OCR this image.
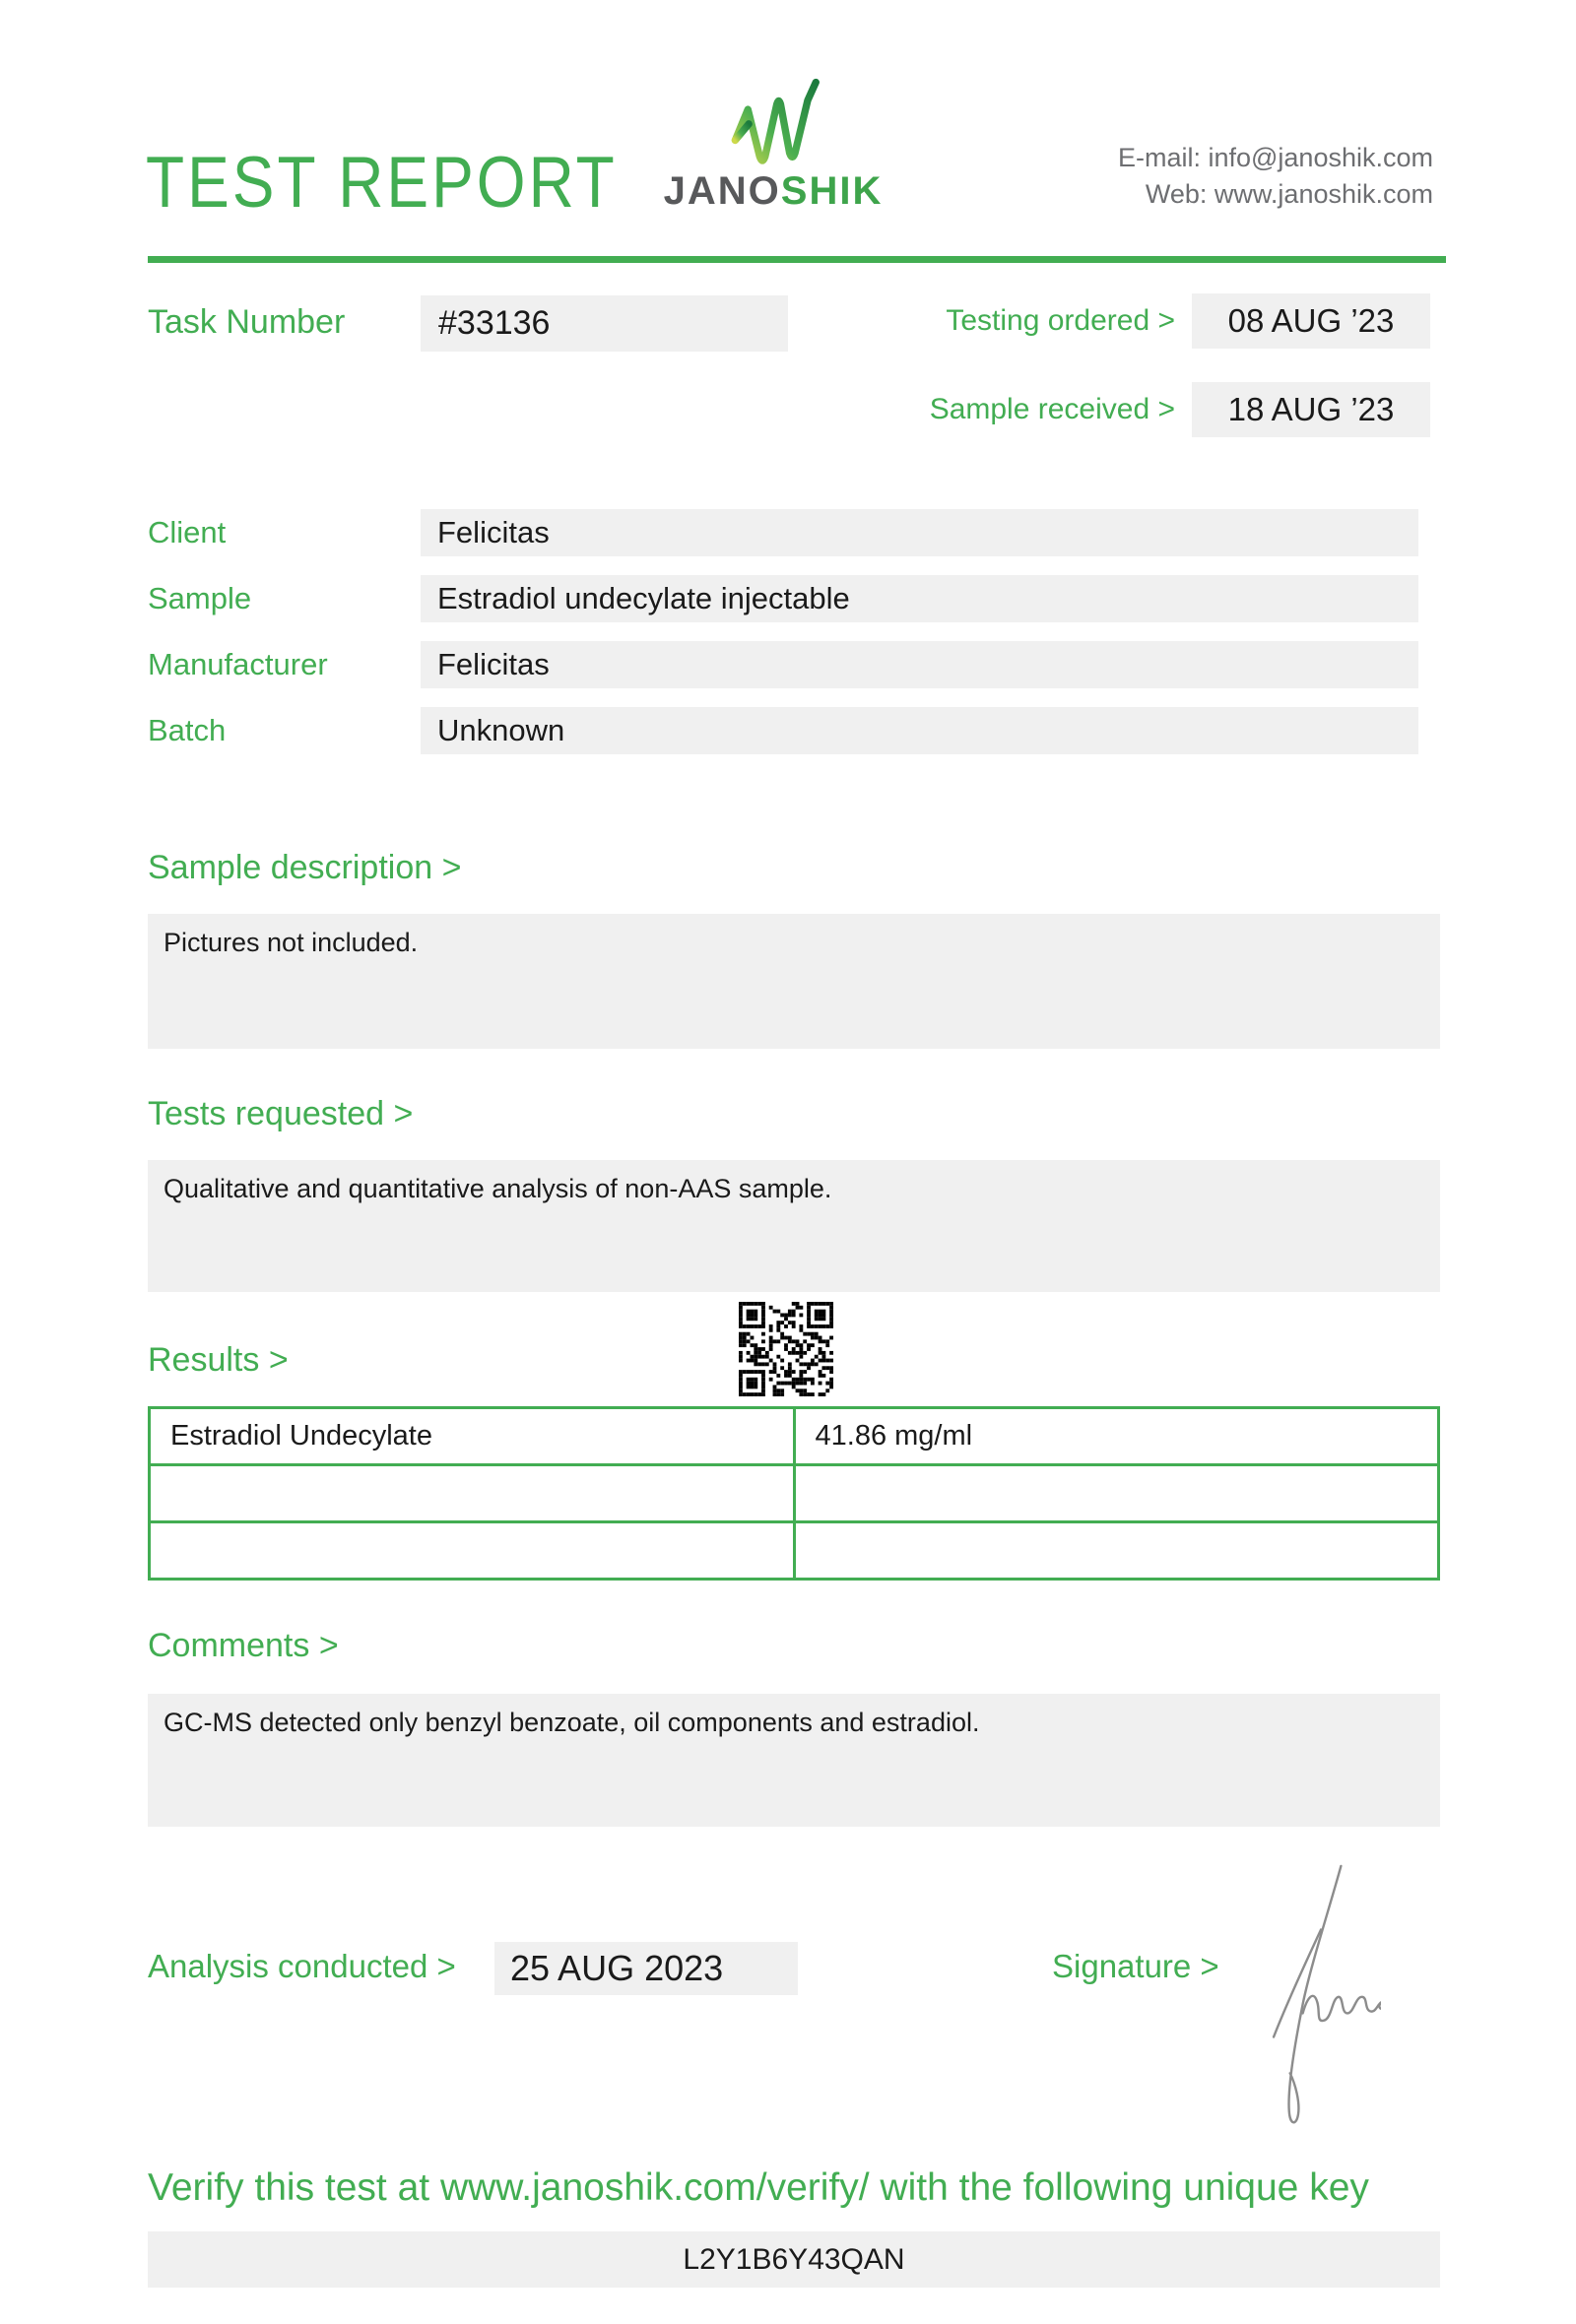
TEST REPORT	JANOSHIK
E-mail: info@janoshik.com
Web: www.janoshik.com
Task Number	#33136	Testing ordered >	08 AUG ’23
Sample received >	18 AUG ’23
Client	Felicitas
Sample	Estradiol undecylate injectable
Manufacturer	Felicitas
Batch	Unknown
Sample description >
Pictures not included.
Tests requested >
Qualitative and quantitative analysis of non-AAS sample.
Results >
Estradiol Undecylate	41.86 mg/ml

Comments >
GC-MS detected only benzyl benzoate, oil components and estradiol.
Analysis conducted >	25 AUG 2023	Signature >
Verify this test at www.janoshik.com/verify/ with the following unique key
L2Y1B6Y43QAN
